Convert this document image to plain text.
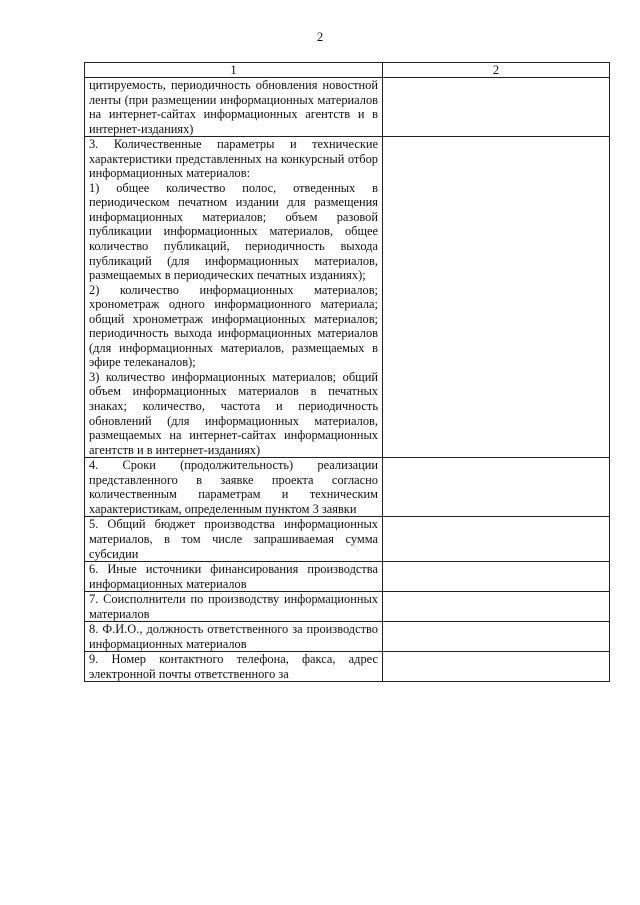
2
1	2
цитируемость, периодичность обновления новостной ленты (при размещении информационных материалов на интернет-сайтах информационных агентств и в интернет-изданиях)	
3. Количественные параметры и технические характеристики представленных на конкурсный отбор информационных материалов:
1) общее количество полос, отведенных в периодическом печатном издании для размещения информационных материалов; объем разовой публикации информационных материалов, общее количество публикаций, периодичность выхода публикаций (для информационных материалов, размещаемых в периодических печатных изданиях);
2) количество информационных материалов; хронометраж одного информационного материала; общий хронометраж информационных материалов; периодичность выхода информационных материалов (для информационных материалов, размещаемых в эфире телеканалов);
3) количество информационных материалов; общий объем информационных материалов в печатных знаках; количество, частота и периодичность обновлений (для информационных материалов, размещаемых на интернет-сайтах информационных агентств и в интернет-изданиях)	
4. Сроки (продолжительность) реализации представленного в заявке проекта согласно количественным параметрам и техническим характеристикам, определенным пунктом 3 заявки	
5. Общий бюджет производства информационных материалов, в том числе запрашиваемая сумма субсидии	
6. Иные источники финансирования производства информационных материалов	
7. Соисполнители по производству информационных материалов	
8. Ф.И.О., должность ответственного за производство информационных материалов	
9. Номер контактного телефона, факса, адрес электронной почты ответственного за	
